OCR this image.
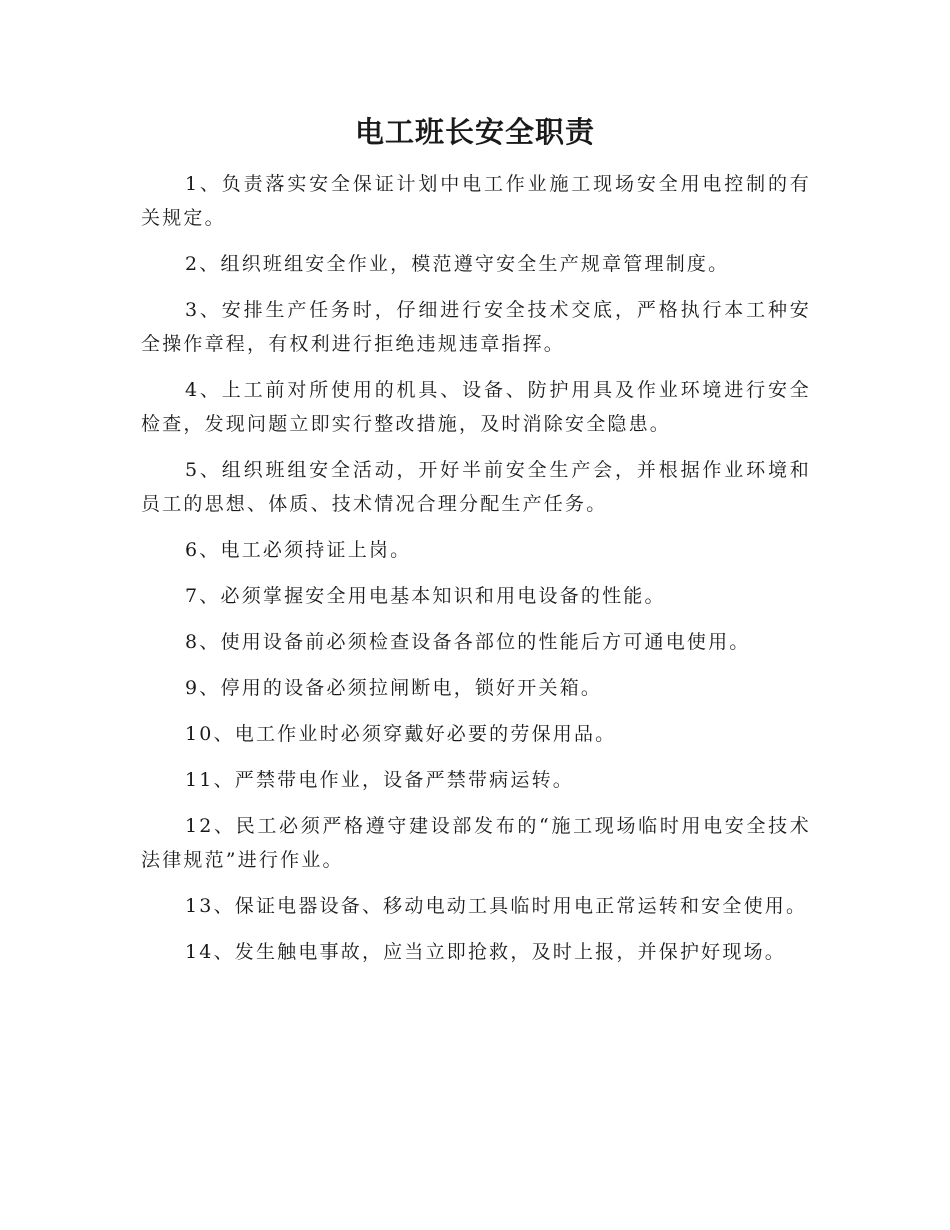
电工班长安全职责

1、负责落实安全保证计划中电工作业施工现场安全用电控制的有关规定。

2、组织班组安全作业，模范遵守安全生产规章管理制度。

3、安排生产任务时，仔细进行安全技术交底，严格执行本工种安全操作章程，有权利进行拒绝违规违章指挥。

4、上工前对所使用的机具、设备、防护用具及作业环境进行安全检查，发现问题立即实行整改措施，及时消除安全隐患。

5、组织班组安全活动，开好半前安全生产会，并根据作业环境和员工的思想、体质、技术情况合理分配生产任务。

6、电工必须持证上岗。

7、必须掌握安全用电基本知识和用电设备的性能。

8、使用设备前必须检查设备各部位的性能后方可通电使用。

9、停用的设备必须拉闸断电，锁好开关箱。

10、电工作业时必须穿戴好必要的劳保用品。

11、严禁带电作业，设备严禁带病运转。

12、民工必须严格遵守建设部发布的“施工现场临时用电安全技术法律规范”进行作业。

13、保证电器设备、移动电动工具临时用电正常运转和安全使用。

14、发生触电事故，应当立即抢救，及时上报，并保护好现场。
